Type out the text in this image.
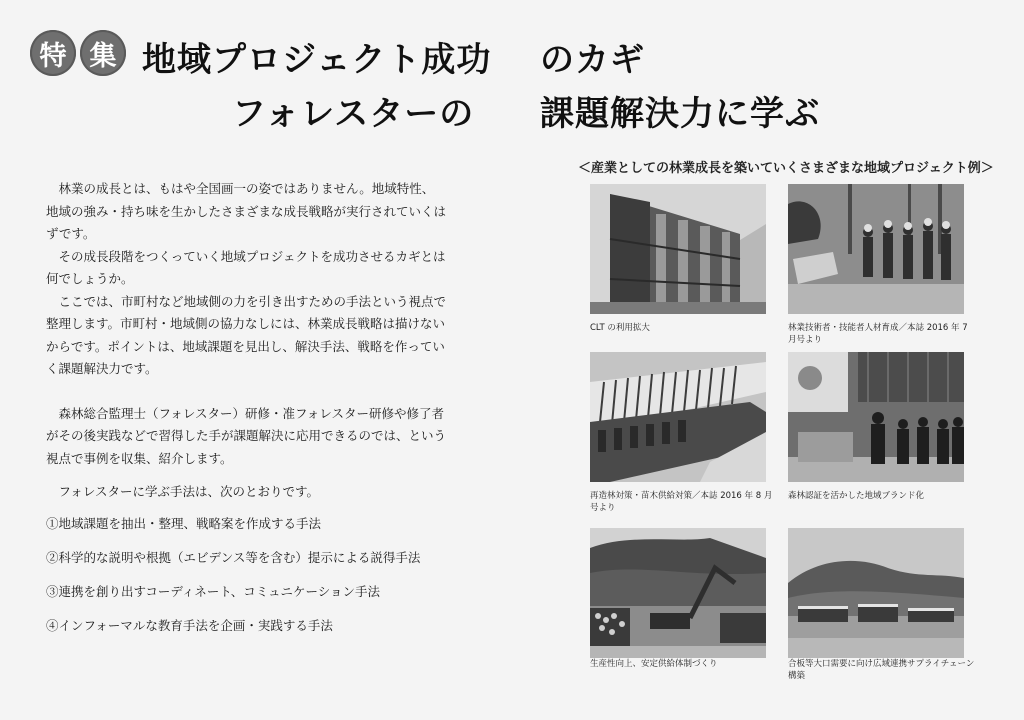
特 集 地域プロジェクト成功 のカギ
フォレスターの 課題解決力に学ぶ

林業の成長とは、もはや全国画一の姿ではありません。地域特性、地域の強み・持ち味を生かしたさまざまな成長戦略が実行されていくはずです。

その成長段階をつくっていく地域プロジェクトを成功させるカギとは何でしょうか。

ここでは、市町村など地域側の力を引き出すための手法という視点で整理します。市町村・地域側の協力なしには、林業成長戦略は描けないからです。ポイントは、地域課題を見出し、解決手法、戦略を作っていく課題解決力です。

森林総合監理士（フォレスター）研修・准フォレスター研修や修了者がその後実践などで習得した手が課題解決に応用できるのでは、という視点で事例を収集、紹介します。

フォレスターに学ぶ手法は、次のとおりです。

①地域課題を抽出・整理、戦略案を作成する手法

②科学的な説明や根拠（エビデンス等を含む）提示による説得手法

③連携を創り出すコーディネート、コミュニケーション手法

④インフォーマルな教育手法を企画・実践する手法

＜産業としての林業成長を築いていくさまざまな地域プロジェクト例＞
CLT の利用拡大	林業技術者・技能者人材育成／本誌 2016 年 7 月号より
再造林対策・苗木供給対策／本誌 2016 年 8 月号より
森林認証を活かした地域ブランド化
生産性向上、安定供給体制づくり	合板等大口需要に向け広域連携サプライチェーン構築
